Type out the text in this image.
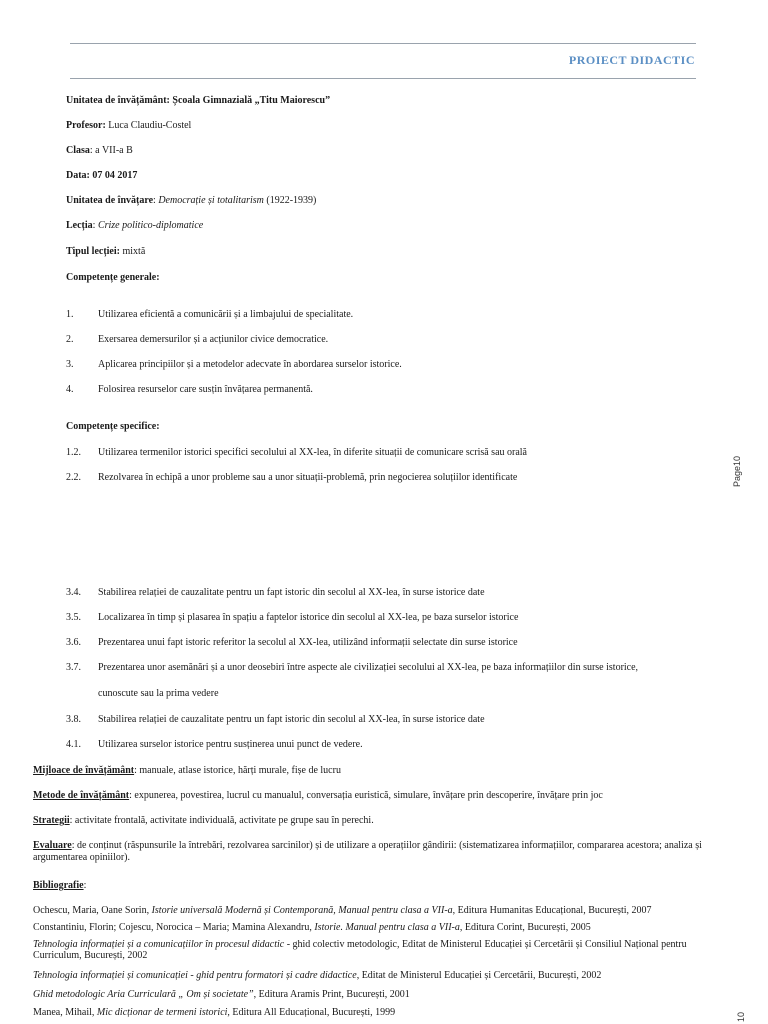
PROIECT DIDACTIC
Page10
10
Unitatea de învățământ: Școala Gimnazială „Titu Maiorescu”
Profesor: Luca Claudiu-Costel
Clasa: a VII-a B
Data: 07 04 2017
Unitatea de învățare: Democrație și totalitarism (1922-1939)
Lecția: Crize politico-diplomatice
Tipul lecției: mixtă
Competențe generale:
1. Utilizarea eficientă a comunicării și a limbajului de specialitate.
2. Exersarea demersurilor și a acțiunilor civice democratice.
3. Aplicarea principiilor și a metodelor adecvate în abordarea surselor istorice.
4. Folosirea resurselor care susțin învățarea permanentă.
Competențe specifice:
1.2. Utilizarea termenilor istorici specifici secolului al XX-lea, în diferite situații de comunicare scrisă sau orală
2.2. Rezolvarea în echipă a unor probleme sau a unor situații-problemă, prin negocierea soluțiilor identificate
3.4. Stabilirea relației de cauzalitate pentru un fapt istoric din secolul al XX-lea, în surse istorice date
3.5. Localizarea în timp și plasarea în spațiu a faptelor istorice din secolul al XX-lea, pe baza surselor istorice
3.6. Prezentarea unui fapt istoric referitor la secolul al XX-lea, utilizând informații selectate din surse istorice
3.7. Prezentarea unor asemănări și a unor deosebiri între aspecte ale civilizației secolului al XX-lea, pe baza informațiilor din surse istorice,
cunoscute sau la prima vedere
3.8. Stabilirea relației de cauzalitate pentru un fapt istoric din secolul al XX-lea, în surse istorice date
4.1. Utilizarea surselor istorice pentru susținerea unui punct de vedere.
Mijloace de învățământ: manuale, atlase istorice, hărți murale, fișe de lucru
Metode de învățământ: expunerea, povestirea, lucrul cu manualul, conversația euristică, simulare, învățare prin descoperire, învățare prin joc
Strategii: activitate frontală, activitate individuală, activitate pe grupe sau în perechi.
Evaluare: de conținut (răspunsurile la întrebări, rezolvarea sarcinilor) și de utilizare a operațiilor gândirii: (sistematizarea informațiilor, compararea acestora; analiza și argumentarea opiniilor).
Bibliografie:
Ochescu, Maria, Oane Sorin, Istorie universală Modernă și Contemporană, Manual pentru clasa a VII-a, Editura Humanitas Educațional, București, 2007
Constantiniu, Florin; Cojescu, Norocica – Maria; Mamina Alexandru, Istorie. Manual pentru clasa a VII-a, Editura Corint, București, 2005
Tehnologia informației și a comunicațiilor în procesul didactic - ghid colectiv metodologic, Editat de Ministerul Educației și Cercetării și Consiliul Național pentru Curriculum, București, 2002
Tehnologia informației și comunicației - ghid pentru formatori și cadre didactice, Editat de Ministerul Educației și Cercetării, București, 2002
Ghid metodologic Aria Curriculară „ Om și societate”, Editura Aramis Print, București, 2001
Manea, Mihail, Mic dicționar de termeni istorici, Editura All Educațional, București, 1999
